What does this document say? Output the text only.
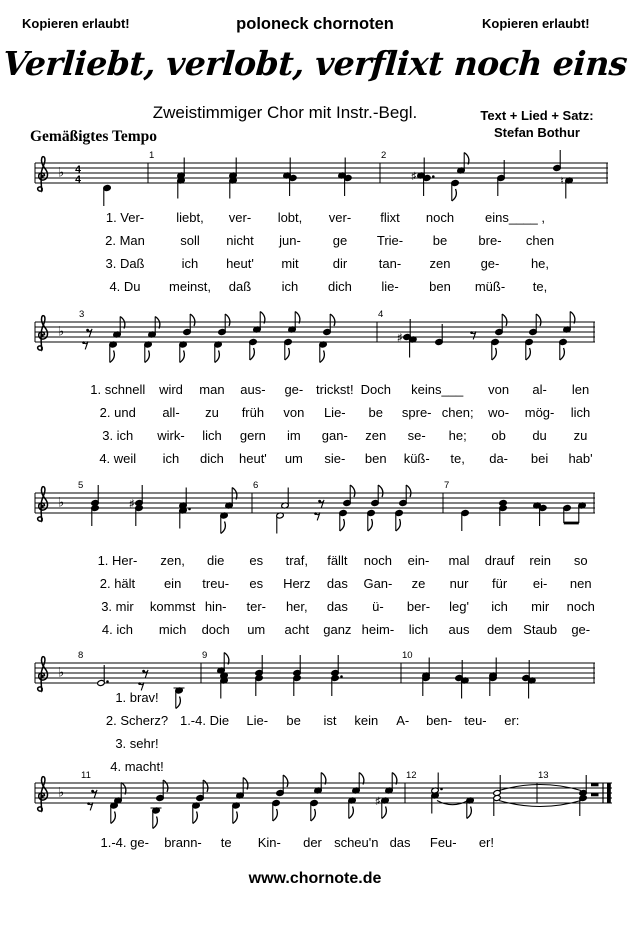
Kopieren erlaubt!	poloneck chornoten	Kopieren erlaubt!
Verliebt, verlobt, verflixt noch eins
Zweistimmiger Chor mit Instr.-Begl.	Text + Lied + Satz:
Stefan Bothur
Gemäßigtes Tempo
♭ 4
4
1	2
♯	♮
1. Ver-	liebt,	ver-	lobt,	ver-	flixt	noch	eins____ ,
2. Man	soll	nicht	jun-	ge	Trie-	be	bre-	chen
3. Daß	ich	heut'	mit	dir	tan-	zen	ge-	he,
4. Du	meinst,	daß	ich	dich	lie-	ben	müß-	te,
♭
3	4
♯
1. schnell	wird	man	aus-	ge- trickst! Doch	keins___	von	al-	len
2. und	all-	zu	früh	von	Lie-	be	spre- chen;	wo-	mög-	lich
3. ich	wirk-	lich	gern	im	gan-	zen	se-	he;	ob	du	zu
4. weil	ich	dich	heut'	um	sie-	ben	küß-	te,	da-	bei	hab'
♭
5
♯
6	7
1. Her-	zen,	die	es	traf,	fällt	noch	ein-	mal	drauf	rein	so
2. hält	ein	treu-	es	Herz	das	Gan-	ze	nur	für	ei-	nen
3. mir	kommst hin-	ter-	her,	das	ü-	ber-	leg'	ich	mir	noch
4. ich	mich	doch	um	acht	ganz heim-	lich	aus	dem Staub	ge-
♭
8	9	10
1. brav!
2. Scherz?
3. sehr!
4. macht!
1.-4. Die	Lie-	be	ist	kein	A-	ben- teu-	er:
♭
11
♯
12	13
1.-4. ge-	brann-	te	Kin-	der scheu'n das	Feu-	er!
www.chornote.de
